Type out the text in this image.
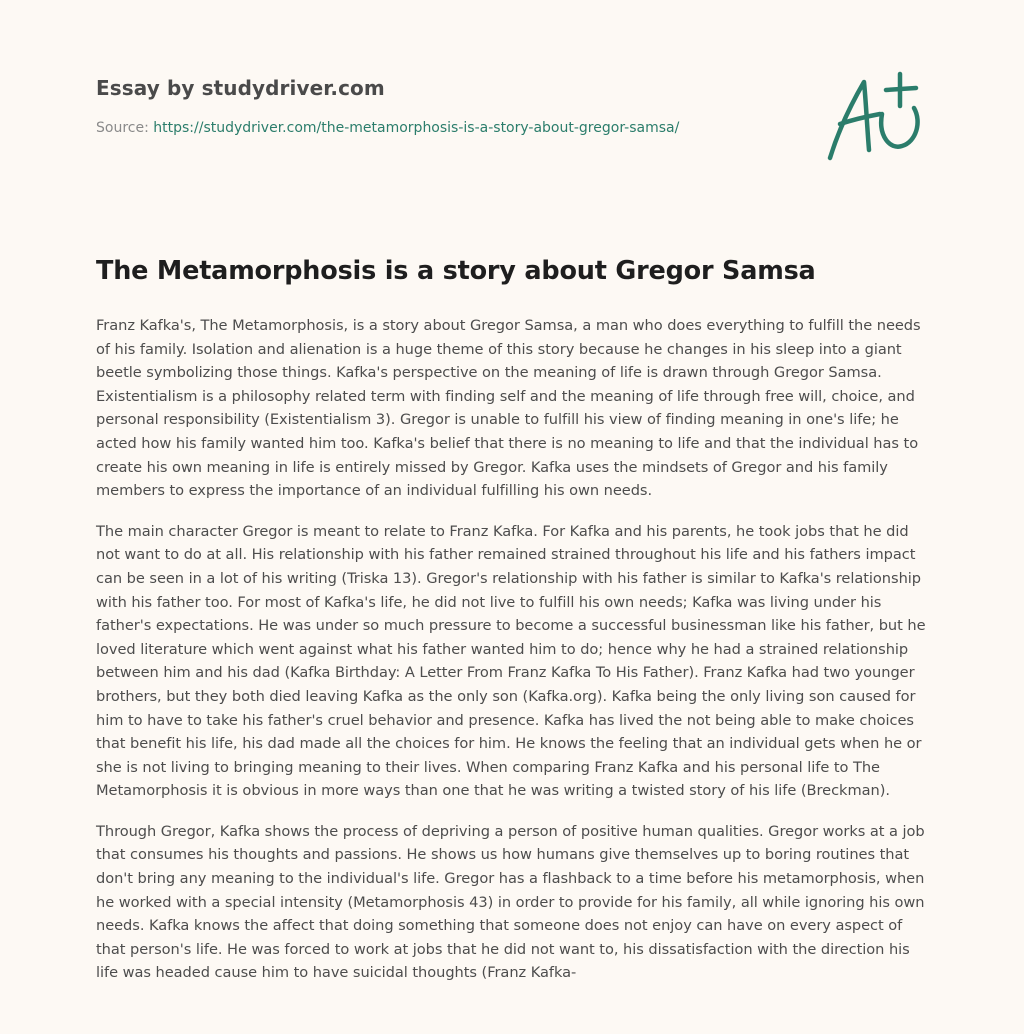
Essay by studydriver.com
Source: https://studydriver.com/the-metamorphosis-is-a-story-about-gregor-samsa/
The Metamorphosis is a story about Gregor Samsa

Franz Kafka's, The Metamorphosis, is a story about Gregor Samsa, a man who does everything to fulfill the needs of his family. Isolation and alienation is a huge theme of this story because he changes in his sleep into a giant beetle symbolizing those things. Kafka's perspective on the meaning of life is drawn through Gregor Samsa. Existentialism is a philosophy related term with finding self and the meaning of life through free will, choice, and personal responsibility (Existentialism 3). Gregor is unable to fulfill his view of finding meaning in one's life; he acted how his family wanted him too. Kafka's belief that there is no meaning to life and that the individual has to create his own meaning in life is entirely missed by Gregor. Kafka uses the mindsets of Gregor and his family members to express the importance of an individual fulfilling his own needs.

The main character Gregor is meant to relate to Franz Kafka. For Kafka and his parents, he took jobs that he did not want to do at all. His relationship with his father remained strained throughout his life and his fathers impact can be seen in a lot of his writing (Triska 13). Gregor's relationship with his father is similar to Kafka's relationship with his father too. For most of Kafka's life, he did not live to fulfill his own needs; Kafka was living under his father's expectations. He was under so much pressure to become a successful businessman like his father, but he loved literature which went against what his father wanted him to do; hence why he had a strained relationship between him and his dad (Kafka Birthday: A Letter From Franz Kafka To His Father). Franz Kafka had two younger brothers, but they both died leaving Kafka as the only son (Kafka.org). Kafka being the only living son caused for him to have to take his father's cruel behavior and presence. Kafka has lived the not being able to make choices that benefit his life, his dad made all the choices for him. He knows the feeling that an individual gets when he or she is not living to bringing meaning to their lives. When comparing Franz Kafka and his personal life to The Metamorphosis it is obvious in more ways than one that he was writing a twisted story of his life (Breckman).

Through Gregor, Kafka shows the process of depriving a person of positive human qualities. Gregor works at a job that consumes his thoughts and passions. He shows us how humans give themselves up to boring routines that don't bring any meaning to the individual's life. Gregor has a flashback to a time before his metamorphosis, when he worked with a special intensity (Metamorphosis 43) in order to provide for his family, all while ignoring his own needs. Kafka knows the affect that doing something that someone does not enjoy can have on every aspect of that person's life. He was forced to work at jobs that he did not want to, his dissatisfaction with the direction his life was headed cause him to have suicidal thoughts (Franz Kafka-
